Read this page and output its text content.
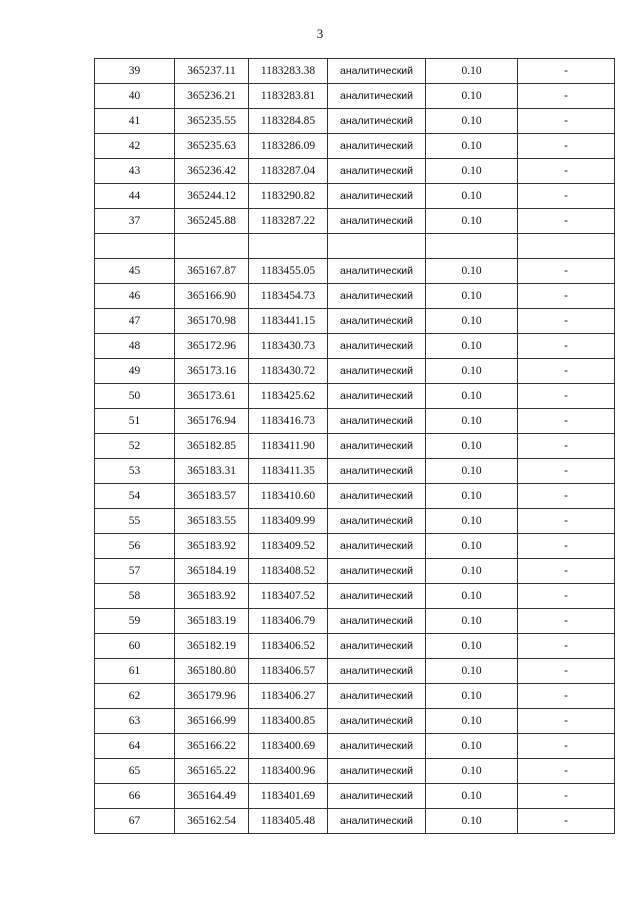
3
39	365237.11	1183283.38	аналитический	0.10	-
40	365236.21	1183283.81	аналитический	0.10	-
41	365235.55	1183284.85	аналитический	0.10	-
42	365235.63	1183286.09	аналитический	0.10	-
43	365236.42	1183287.04	аналитический	0.10	-
44	365244.12	1183290.82	аналитический	0.10	-
37	365245.88	1183287.22	аналитический	0.10	-

45	365167.87	1183455.05	аналитический	0.10	-
46	365166.90	1183454.73	аналитический	0.10	-
47	365170.98	1183441.15	аналитический	0.10	-
48	365172.96	1183430.73	аналитический	0.10	-
49	365173.16	1183430.72	аналитический	0.10	-
50	365173.61	1183425.62	аналитический	0.10	-
51	365176.94	1183416.73	аналитический	0.10	-
52	365182.85	1183411.90	аналитический	0.10	-
53	365183.31	1183411.35	аналитический	0.10	-
54	365183.57	1183410.60	аналитический	0.10	-
55	365183.55	1183409.99	аналитический	0.10	-
56	365183.92	1183409.52	аналитический	0.10	-
57	365184.19	1183408.52	аналитический	0.10	-
58	365183.92	1183407.52	аналитический	0.10	-
59	365183.19	1183406.79	аналитический	0.10	-
60	365182.19	1183406.52	аналитический	0.10	-
61	365180.80	1183406.57	аналитический	0.10	-
62	365179.96	1183406.27	аналитический	0.10	-
63	365166.99	1183400.85	аналитический	0.10	-
64	365166.22	1183400.69	аналитический	0.10	-
65	365165.22	1183400.96	аналитический	0.10	-
66	365164.49	1183401.69	аналитический	0.10	-
67	365162.54	1183405.48	аналитический	0.10	-
